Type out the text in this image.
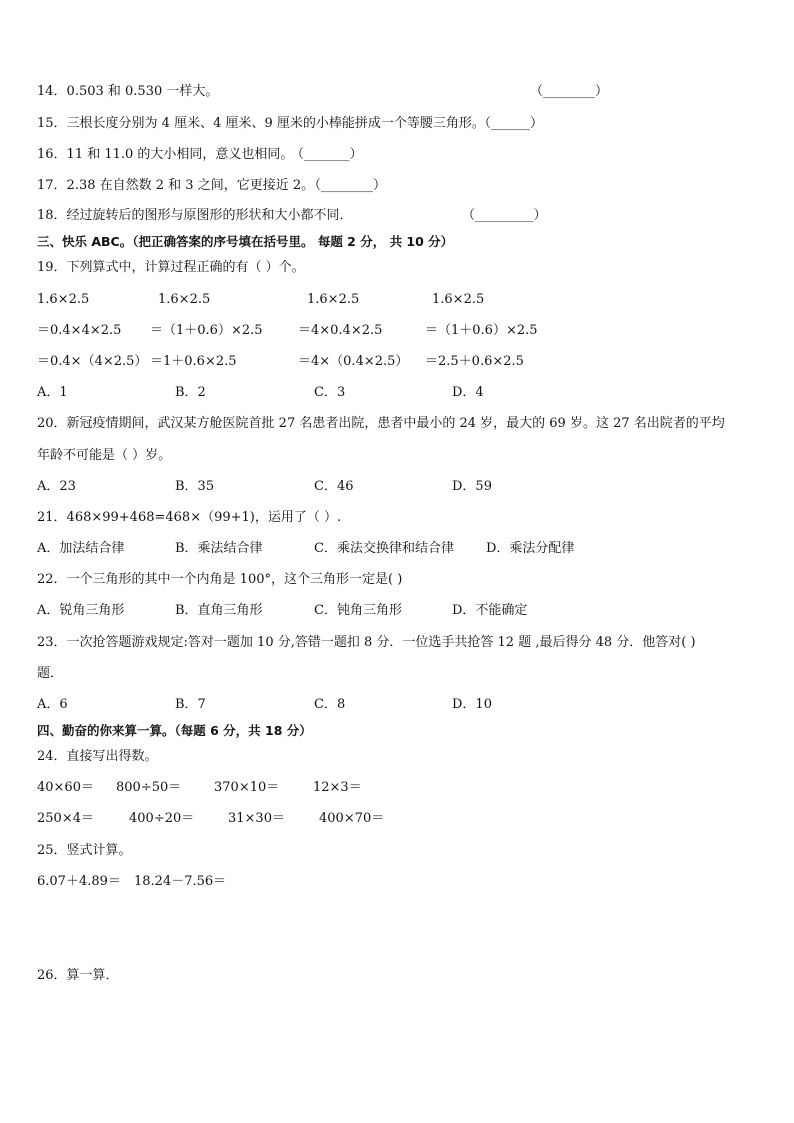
14．0.503 和 0.530 一样大。	（________）
15．三根长度分别为 4 厘米、4 厘米、9 厘米的小棒能拼成一个等腰三角形。
（______）
16．11 和 11.0 的大小相同，意义也相同。
（_______）
17．2.38 在自然数 2 和 3 之间，它更接近 2。
（________）
18．经过旋转后的图形与原图形的形状和大小都不同．	（_________）
三、快乐 ABC。（把正确答案的序号填在括号里。 每题 2 分， 共 10 分）
19．下列算式中，计算过程正确的有（ ）个。
1.6×2.5	1.6×2.5	1.6×2.5	1.6×2.5
＝0.4×4×2.5 ＝（1＋0.6）×2.5	＝4×0.4×2.5	＝（1＋0.6）×2.5
＝0.4×（4×2.5） ＝1＋0.6×2.5	＝4×（0.4×2.5） ＝2.5＋0.6×2.5
A．1	B．2	C．3	D．4
20．新冠疫情期间，武汉某方舱医院首批 27 名患者出院，患者中最小的 24 岁，最大的 69 岁。这 27 名出院者的平均
年龄不可能是（ ）岁。
A．23	B．35	C．46	D．59
21．468×99+468=468×（99+1)，运用了（ ）.
A．加法结合律	B．乘法结合律	C．乘法交换律和结合律 D．乘法分配律
22．一个三角形的其中一个内角是 100°，这个三角形一定是( )
A．锐角三角形	B．直角三角形	C．钝角三角形	D．不能确定
23．一次抢答题游戏规定:答对一题加 10 分,答错一题扣 8 分．一位选手共抢答 12 题 ,最后得分 48 分．他答对( )
题．
A．6	B．7	C．8	D．10
四、勤奋的你来算一算。（每题 6 分，共 18 分）
24．直接写出得数。
40×60＝ 800÷50＝	370×10＝	12×3＝
250×4＝	400÷20＝	31×30＝	400×70＝
25．竖式计算。
6.07＋4.89＝ 18.24－7.56＝
26．算一算．
